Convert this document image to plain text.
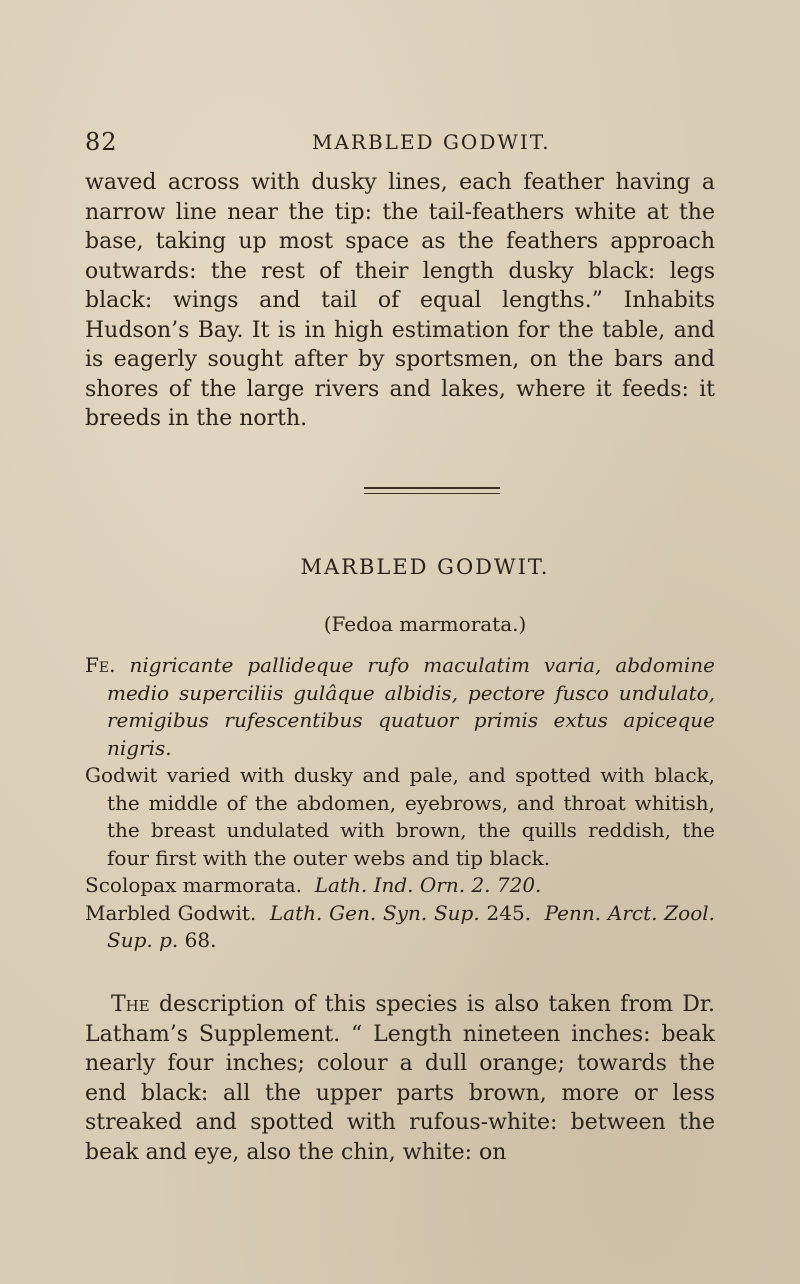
82	MARBLED GODWIT.
waved across with dusky lines, each feather having a narrow line near the tip: the tail-feathers white at the base, taking up most space as the feathers approach outwards: the rest of their length dusky black: legs black: wings and tail of equal lengths.” Inhabits Hudson’s Bay. It is in high estimation for the table, and is eagerly sought after by sportsmen, on the bars and shores of the large rivers and lakes, where it feeds: it breeds in the north.
MARBLED GODWIT.
(Fedoa marmorata.)

Fe. nigricante pallideque rufo maculatim varia, abdomine medio superciliis gulâque albidis, pectore fusco undulato, remigibus rufescentibus quatuor primis extus apiceque nigris.

Godwit varied with dusky and pale, and spotted with black, the middle of the abdomen, eyebrows, and throat whitish, the breast undulated with brown, the quills reddish, the four first with the outer webs and tip black.

Scolopax marmorata. Lath. Ind. Orn. 2. 720.

Marbled Godwit. Lath. Gen. Syn. Sup. 245. Penn. Arct. Zool. Sup. p. 68.

The description of this species is also taken from Dr. Latham’s Supplement. “ Length nineteen inches: beak nearly four inches; colour a dull orange; towards the end black: all the upper parts brown, more or less streaked and spotted with rufous-white: between the beak and eye, also the chin, white: on
